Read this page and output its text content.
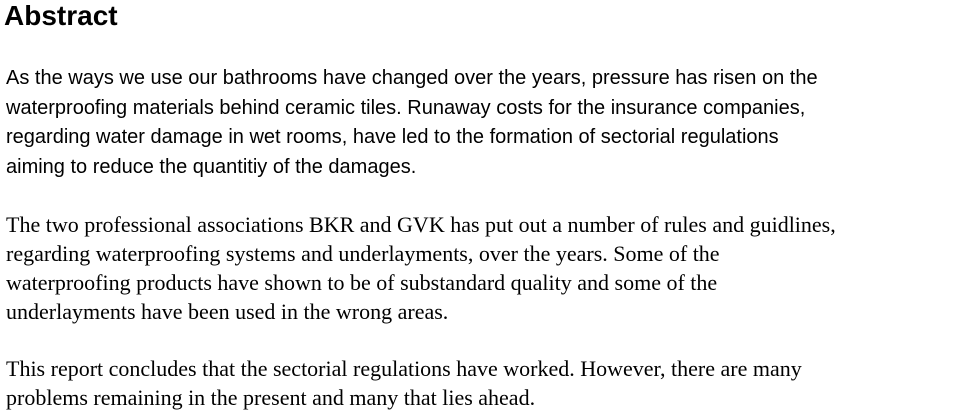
Abstract

As the ways we use our bathrooms have changed over the years, pressure has risen on the
waterproofing materials behind ceramic tiles. Runaway costs for the insurance companies,
regarding water damage in wet rooms, have led to the formation of sectorial regulations
aiming to reduce the quantitiy of the damages.

The two professional associations BKR and GVK has put out a number of rules and guidlines,
regarding waterproofing systems and underlayments, over the years. Some of the
waterproofing products have shown to be of substandard quality and some of the
underlayments have been used in the wrong areas.

This report concludes that the sectorial regulations have worked. However, there are many
problems remaining in the present and many that lies ahead.
